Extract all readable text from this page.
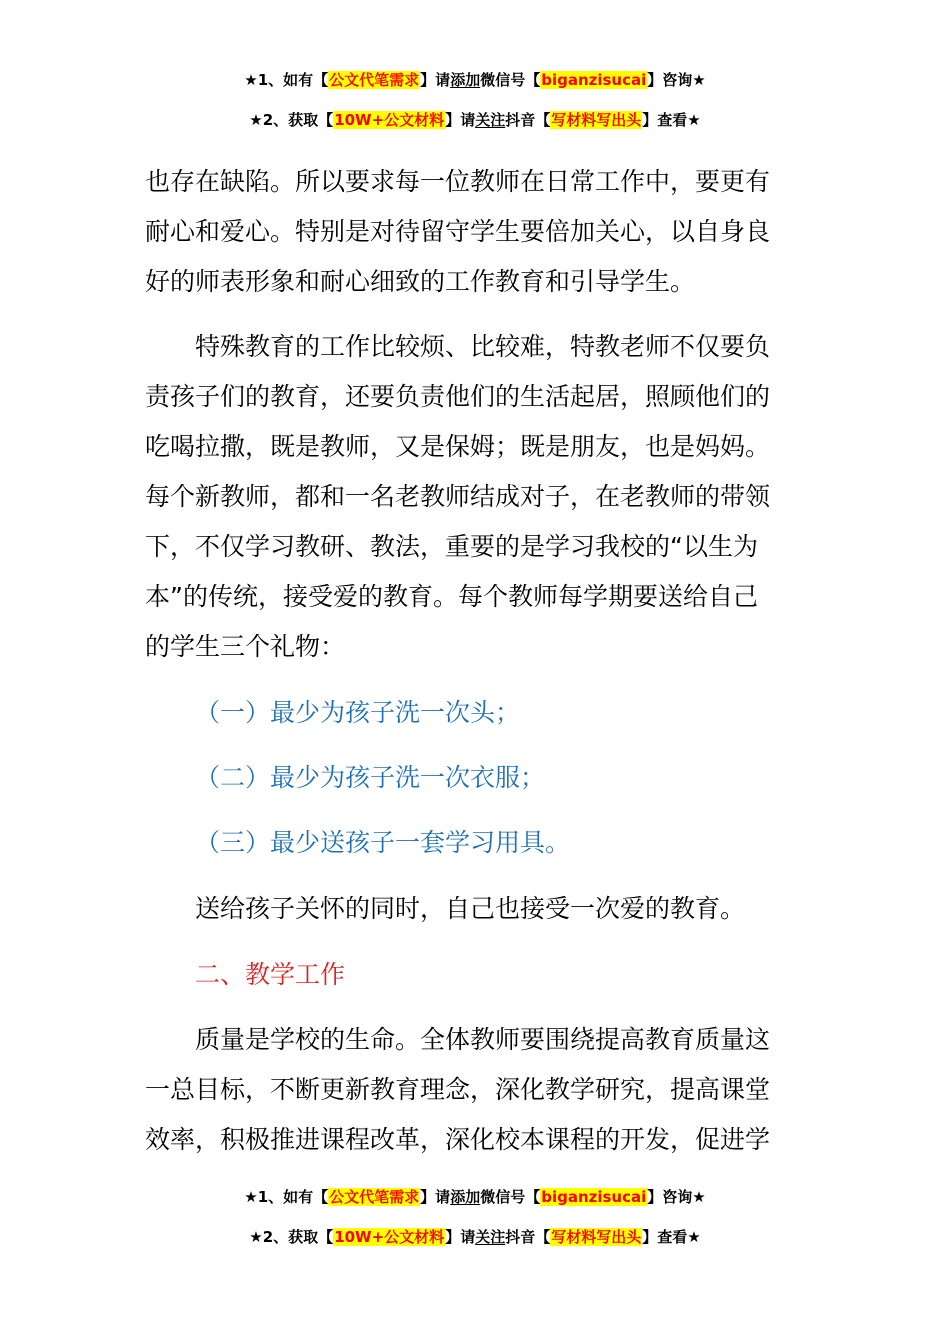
★1、如有【公文代笔需求】请添加微信号【biganzisucai】咨询★
★2、获取【10W+公文材料】请关注抖音【写材料写出头】查看★

也存在缺陷。所以要求每一位教师在日常工作中，要更有

耐心和爱心。特别是对待留守学生要倍加关心，以自身良

好的师表形象和耐心细致的工作教育和引导学生。

特殊教育的工作比较烦、比较难，特教老师不仅要负

责孩子们的教育，还要负责他们的生活起居，照顾他们的

吃喝拉撒，既是教师，又是保姆；既是朋友，也是妈妈。

每个新教师，都和一名老教师结成对子，在老教师的带领

下，不仅学习教研、教法，重要的是学习我校的“以生为

本”的传统，接受爱的教育。每个教师每学期要送给自己

的学生三个礼物：

（一）最少为孩子洗一次头；

（二）最少为孩子洗一次衣服；

（三）最少送孩子一套学习用具。

送给孩子关怀的同时，自己也接受一次爱的教育。

二、教学工作

质量是学校的生命。全体教师要围绕提高教育质量这

一总目标，不断更新教育理念，深化教学研究，提高课堂

效率，积极推进课程改革，深化校本课程的开发，促进学

★1、如有【公文代笔需求】请添加微信号【biganzisucai】咨询★
★2、获取【10W+公文材料】请关注抖音【写材料写出头】查看★
